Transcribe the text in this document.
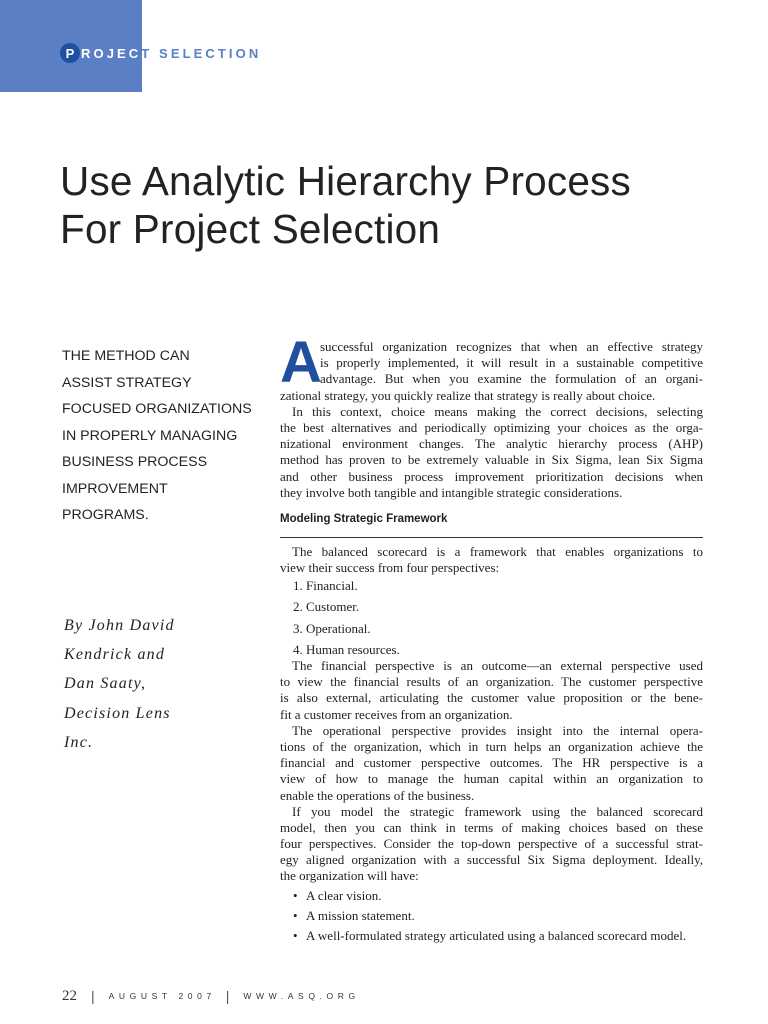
P ROJEC T SELECTION
Use Analytic Hierarchy Process
For Project Selection
THE METHOD CAN
ASSIST STRATEGY
FOCUSED ORGANIZATIONS
IN PROPERLY MANAGING
BUSINESS PROCESS
IMPROVEMENT
PROGRAMS.
By John David
Kendrick and
Dan Saaty,
Decision Lens
Inc.
A
successful organization recognizes that when an effective strategy
is properly implemented, it will result in a sustainable competitive
advantage. But when you examine the formulation of an organi-
zational strategy, you quickly realize that strategy is really about choice.
In this context, choice means making the correct decisions, selecting
the best alternatives and periodically optimizing your choices as the orga-
nizational environment changes. The analytic hierarchy process (AHP)
method has proven to be extremely valuable in Six Sigma, lean Six Sigma
and other business process improvement prioritization decisions when
they involve both tangible and intangible strategic considerations.
Modeling Strategic Framework
The balanced scorecard is a framework that enables organizations to
view their success from four perspectives:
1. Financial.
2. Customer.
3. Operational.
4. Human resources.
The financial perspective is an outcome—an external perspective used
to view the financial results of an organization. The customer perspective
is also external, articulating the customer value proposition or the bene-
fit a customer receives from an organization.
The operational perspective provides insight into the internal opera-
tions of the organization, which in turn helps an organization achieve the
financial and customer perspective outcomes. The HR perspective is a
view of how to manage the human capital within an organization to
enable the operations of the business.
If you model the strategic framework using the balanced scorecard
model, then you can think in terms of making choices based on these
four perspectives. Consider the top-down perspective of a successful strat-
egy aligned organization with a successful Six Sigma deployment. Ideally,
the organization will have:
• A clear vision.
• A mission statement.
• A well-formulated strategy articulated using a balanced scorecard model.
22 | AUGUST 2007 | WWW.ASQ.ORG
